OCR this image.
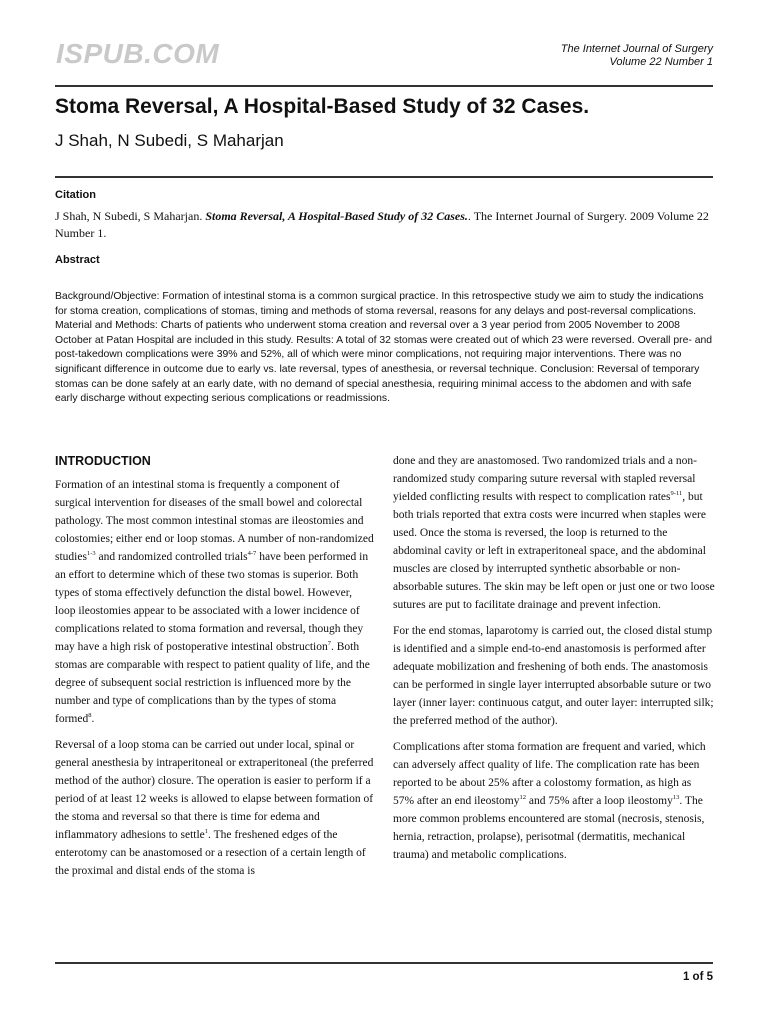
ISPUB.COM	The Internet Journal of Surgery
Volume 22 Number 1
Stoma Reversal, A Hospital-Based Study of 32 Cases.
J Shah, N Subedi, S Maharjan
Citation
J Shah, N Subedi, S Maharjan. Stoma Reversal, A Hospital-Based Study of 32 Cases.. The Internet Journal of Surgery. 2009 Volume 22 Number 1.
Abstract
Background/Objective: Formation of intestinal stoma is a common surgical practice. In this retrospective study we aim to study the indications for stoma creation, complications of stomas, timing and methods of stoma reversal, reasons for any delays and post-reversal complications. Material and Methods: Charts of patients who underwent stoma creation and reversal over a 3 year period from 2005 November to 2008 October at Patan Hospital are included in this study. Results: A total of 32 stomas were created out of which 23 were reversed. Overall pre- and post-takedown complications were 39% and 52%, all of which were minor complications, not requiring major interventions. There was no significant difference in outcome due to early vs. late reversal, types of anesthesia, or reversal technique. Conclusion: Reversal of temporary stomas can be done safely at an early date, with no demand of special anesthesia, requiring minimal access to the abdomen and with safe early discharge without expecting serious complications or readmissions.
INTRODUCTION

Formation of an intestinal stoma is frequently a component of surgical intervention for diseases of the small bowel and colorectal pathology. The most common intestinal stomas are ileostomies and colostomies; either end or loop stomas. A number of non-randomized studies$^{1-3}$ and randomized controlled trials$^{4-7}$ have been performed in an effort to determine which of these two stomas is superior. Both types of stoma effectively defunction the distal bowel. However, loop ileostomies appear to be associated with a lower incidence of complications related to stoma formation and reversal, though they may have a high risk of postoperative intestinal obstruction$^7$. Both stomas are comparable with respect to patient quality of life, and the degree of subsequent social restriction is influenced more by the number and type of complications than by the types of stoma formed$^8$.

Reversal of a loop stoma can be carried out under local, spinal or general anesthesia by intraperitoneal or extraperitoneal (the preferred method of the author) closure. The operation is easier to perform if a period of at least 12 weeks is allowed to elapse between formation of the stoma and reversal so that there is time for edema and inflammatory adhesions to settle$^1$. The freshened edges of the enterotomy can be anastomosed or a resection of a certain length of the proximal and distal ends of the stoma is

done and they are anastomosed. Two randomized trials and a non-randomized study comparing suture reversal with stapled reversal yielded conflicting results with respect to complication rates$^{9-11}$, but both trials reported that extra costs were incurred when staples were used. Once the stoma is reversed, the loop is returned to the abdominal cavity or left in extraperitoneal space, and the abdominal muscles are closed by interrupted synthetic absorbable or non-absorbable sutures. The skin may be left open or just one or two loose sutures are put to facilitate drainage and prevent infection.

For the end stomas, laparotomy is carried out, the closed distal stump is identified and a simple end-to-end anastomosis is performed after adequate mobilization and freshening of both ends. The anastomosis can be performed in single layer interrupted absorbable suture or two layer (inner layer: continuous catgut, and outer layer: interrupted silk; the preferred method of the author).

Complications after stoma formation are frequent and varied, which can adversely affect quality of life. The complication rate has been reported to be about 25% after a colostomy formation, as high as 57% after an end ileostomy$^{12}$ and 75% after a loop ileostomy$^{13}$. The more common problems encountered are stomal (necrosis, stenosis, hernia, retraction, prolapse), perisotmal (dermatitis, mechanical trauma) and metabolic complications.

1 of 5
